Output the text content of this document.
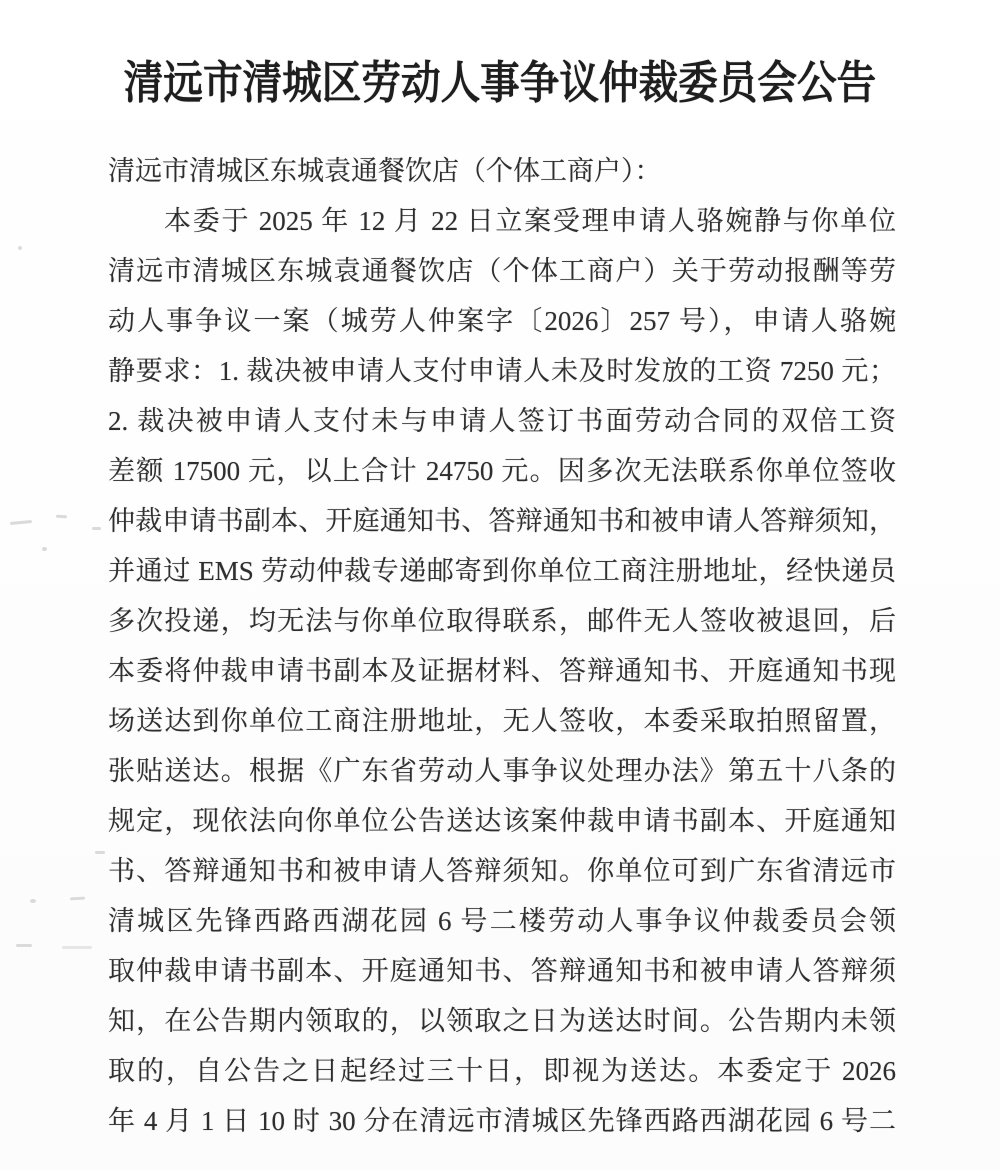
清远市清城区劳动人事争议仲裁委员会公告
清远市清城区东城袁通餐饮店（个体工商户）：
本委于 2025 年 12 月 22 日立案受理申请人骆婉静与你单位
清远市清城区东城袁通餐饮店（个体工商户）关于劳动报酬等劳
动人事争议一案（城劳人仲案字〔2026〕257 号），申请人骆婉
静要求：1. 裁决被申请人支付申请人未及时发放的工资 7250 元；
2. 裁决被申请人支付未与申请人签订书面劳动合同的双倍工资
差额 17500 元，以上合计 24750 元。因多次无法联系你单位签收
仲裁申请书副本、开庭通知书、答辩通知书和被申请人答辩须知，
并通过 EMS 劳动仲裁专递邮寄到你单位工商注册地址，经快递员
多次投递，均无法与你单位取得联系，邮件无人签收被退回，后
本委将仲裁申请书副本及证据材料、答辩通知书、开庭通知书现
场送达到你单位工商注册地址，无人签收，本委采取拍照留置，
张贴送达。根据《广东省劳动人事争议处理办法》第五十八条的
规定，现依法向你单位公告送达该案仲裁申请书副本、开庭通知
书、答辩通知书和被申请人答辩须知。你单位可到广东省清远市
清城区先锋西路西湖花园 6 号二楼劳动人事争议仲裁委员会领
取仲裁申请书副本、开庭通知书、答辩通知书和被申请人答辩须
知，在公告期内领取的，以领取之日为送达时间。公告期内未领
取的，自公告之日起经过三十日，即视为送达。本委定于 2026
年 4 月 1 日 10 时 30 分在清远市清城区先锋西路西湖花园 6 号二
